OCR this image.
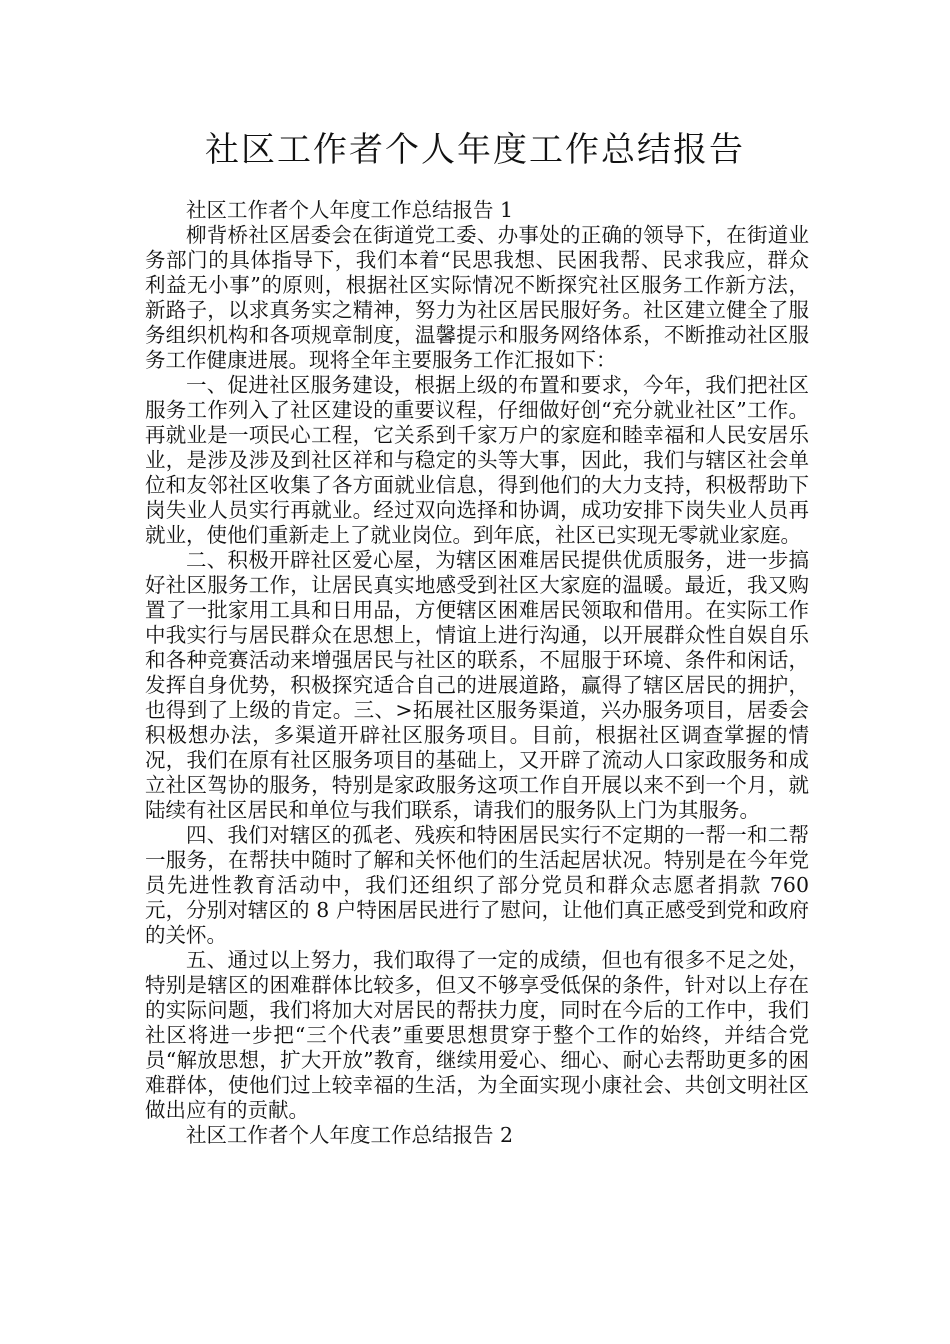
社区工作者个人年度工作总结报告

社区工作者个人年度工作总结报告 1

柳背桥社区居委会在街道党工委、办事处的正确的领导下，在街道业务部门的具体指导下，我们本着“民思我想、民困我帮、民求我应，群众利益无小事”的原则，根据社区实际情况不断探究社区服务工作新方法，新路子，以求真务实之精神，努力为社区居民服好务。社区建立健全了服务组织机构和各项规章制度，温馨提示和服务网络体系，不断推动社区服务工作健康进展。现将全年主要服务工作汇报如下：

一、促进社区服务建设，根据上级的布置和要求，今年，我们把社区服务工作列入了社区建设的重要议程，仔细做好创“充分就业社区”工作。再就业是一项民心工程，它关系到千家万户的家庭和睦幸福和人民安居乐业，是涉及涉及到社区祥和与稳定的头等大事，因此，我们与辖区社会单位和友邻社区收集了各方面就业信息，得到他们的大力支持，积极帮助下岗失业人员实行再就业。经过双向选择和协调，成功安排下岗失业人员再就业，使他们重新走上了就业岗位。到年底，社区已实现无零就业家庭。

二、积极开辟社区爱心屋，为辖区困难居民提供优质服务，进一步搞好社区服务工作，让居民真实地感受到社区大家庭的温暖。最近，我又购置了一批家用工具和日用品，方便辖区困难居民领取和借用。在实际工作中我实行与居民群众在思想上，情谊上进行沟通，以开展群众性自娱自乐和各种竞赛活动来增强居民与社区的联系，不屈服于环境、条件和闲话，发挥自身优势，积极探究适合自己的进展道路，赢得了辖区居民的拥护，也得到了上级的肯定。三、>拓展社区服务渠道，兴办服务项目，居委会积极想办法，多渠道开辟社区服务项目。目前，根据社区调查掌握的情况，我们在原有社区服务项目的基础上，又开辟了流动人口家政服务和成立社区驾协的服务，特别是家政服务这项工作自开展以来不到一个月，就陆续有社区居民和单位与我们联系，请我们的服务队上门为其服务。

四、我们对辖区的孤老、残疾和特困居民实行不定期的一帮一和二帮一服务，在帮扶中随时了解和关怀他们的生活起居状况。特别是在今年党员先进性教育活动中，我们还组织了部分党员和群众志愿者捐款 760 元，分别对辖区的 8 户特困居民进行了慰问，让他们真正感受到党和政府的关怀。

五、通过以上努力，我们取得了一定的成绩，但也有很多不足之处，特别是辖区的困难群体比较多，但又不够享受低保的条件，针对以上存在的实际问题，我们将加大对居民的帮扶力度，同时在今后的工作中，我们社区将进一步把“三个代表”重要思想贯穿于整个工作的始终，并结合党员“解放思想，扩大开放”教育，继续用爱心、细心、耐心去帮助更多的困难群体，使他们过上较幸福的生活，为全面实现小康社会、共创文明社区做出应有的贡献。

社区工作者个人年度工作总结报告 2
